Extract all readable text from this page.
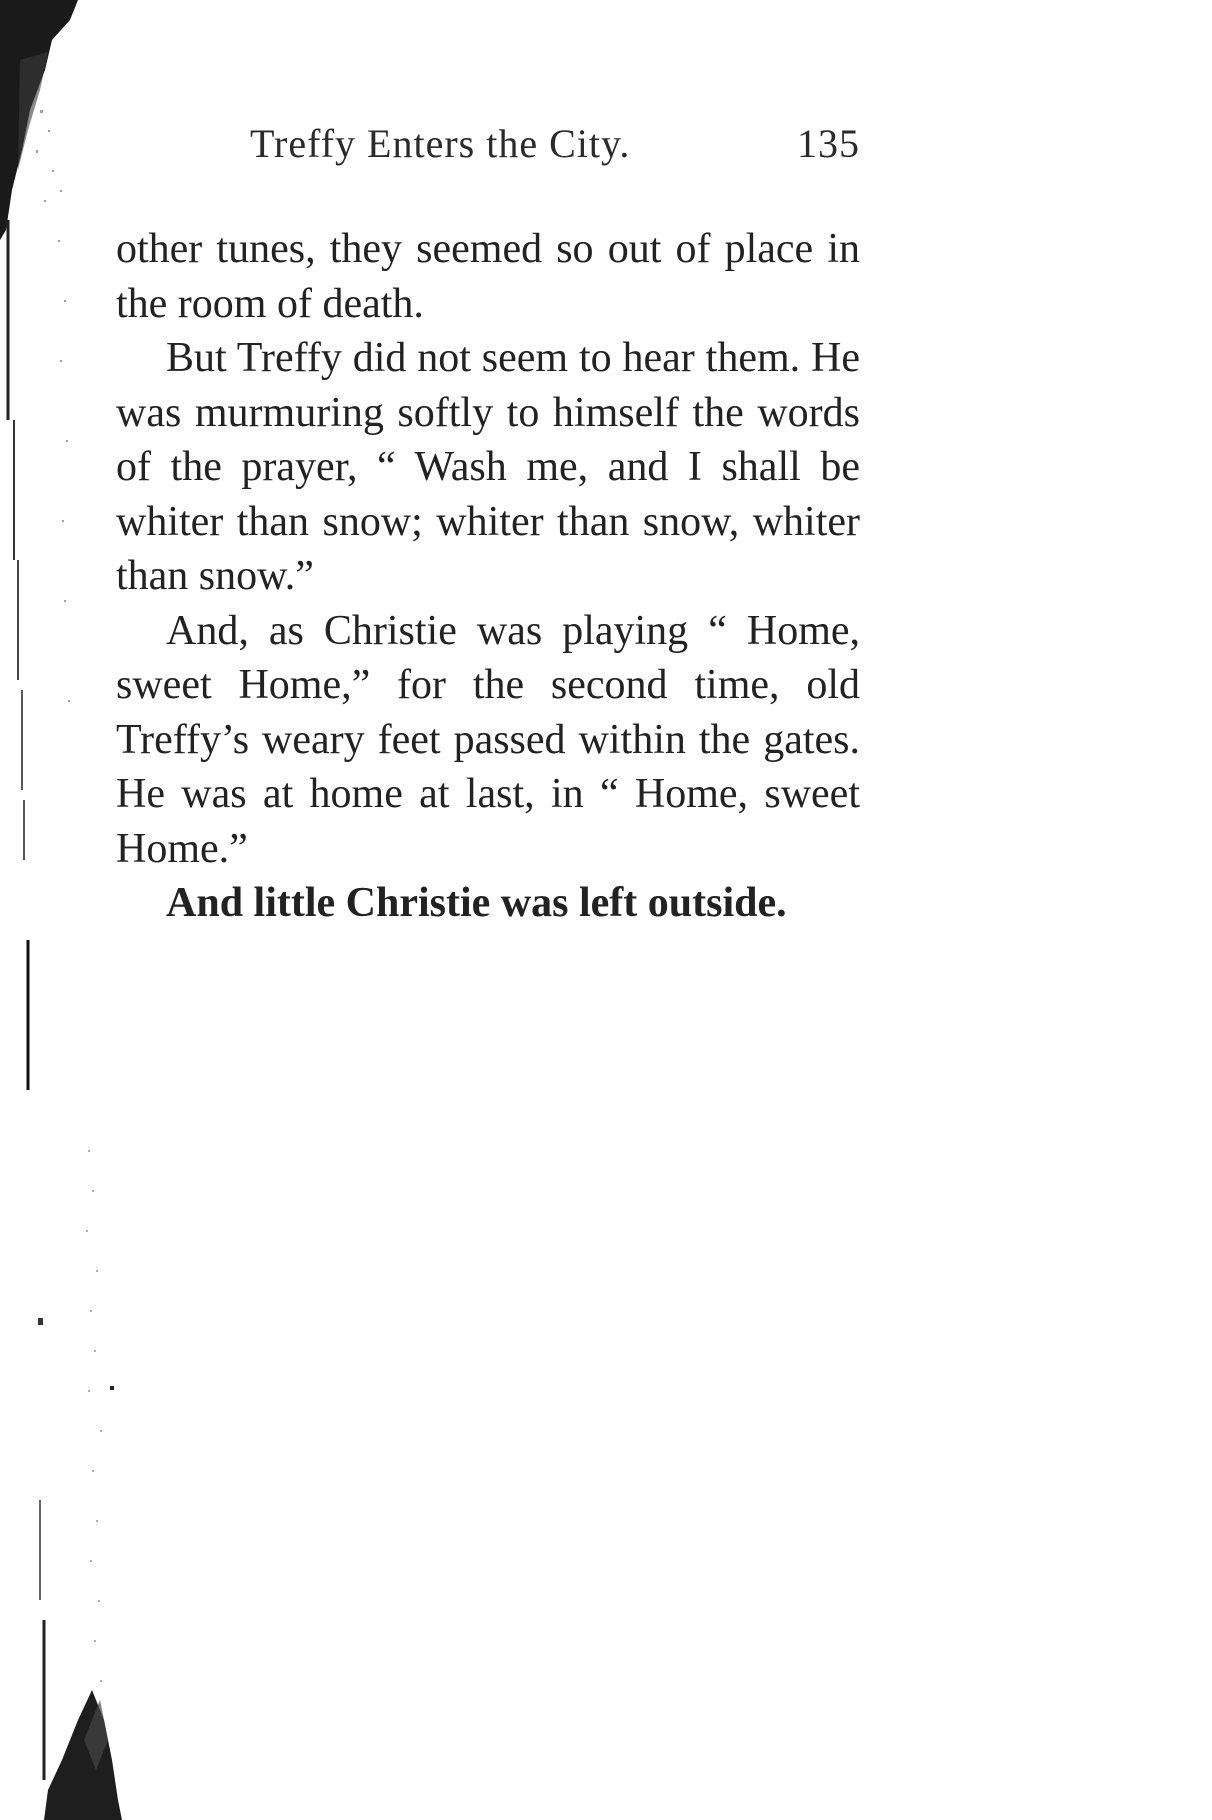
Treffy Enters the City.	135

other tunes, they seemed so out of place in the room of death.

But Treffy did not seem to hear them. He was murmuring softly to himself the words of the prayer, “ Wash me, and I shall be whiter than snow; whiter than snow, whiter than snow.”

And, as Christie was playing “ Home, sweet Home,” for the second time, old Treffy’s weary feet passed within the gates. He was at home at last, in “ Home, sweet Home.”

And little Christie was left outside.
